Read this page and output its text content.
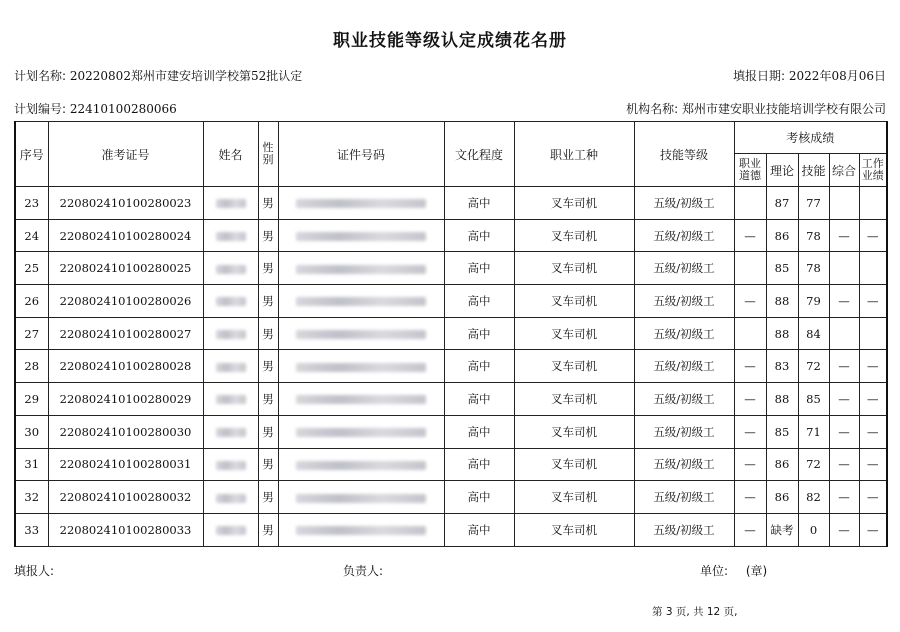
职业技能等级认定成绩花名册
计划名称: 20220802郑州市建安培训学校第52批认定	填报日期: 2022年08月06日
计划编号: 22410100280066	机构名称: 郑州市建安职业技能培训学校有限公司
序号	准考证号	姓名	性别	证件号码	文化程度	职业工种	技能等级	考核成绩				
								职业道德	理论	技能	综合	工作业绩
23	220802410100280023		男		高中	叉车司机	五级/初级工		87	77		
24	220802410100280024		男		高中	叉车司机	五级/初级工	—	86	78	—	—
25	220802410100280025		男		高中	叉车司机	五级/初级工		85	78		
26	220802410100280026		男		高中	叉车司机	五级/初级工	—	88	79	—	—
27	220802410100280027		男		高中	叉车司机	五级/初级工		88	84		
28	220802410100280028		男		高中	叉车司机	五级/初级工	—	83	72	—	—
29	220802410100280029		男		高中	叉车司机	五级/初级工	—	88	85	—	—
30	220802410100280030		男		高中	叉车司机	五级/初级工	—	85	71	—	—
31	220802410100280031		男		高中	叉车司机	五级/初级工	—	86	72	—	—
32	220802410100280032		男		高中	叉车司机	五级/初级工	—	86	82	—	—
33	220802410100280033		男		高中	叉车司机	五级/初级工	—	缺考	0	—	—
填报人:	负责人:	单位: (章)
第 3 页, 共 12 页,
